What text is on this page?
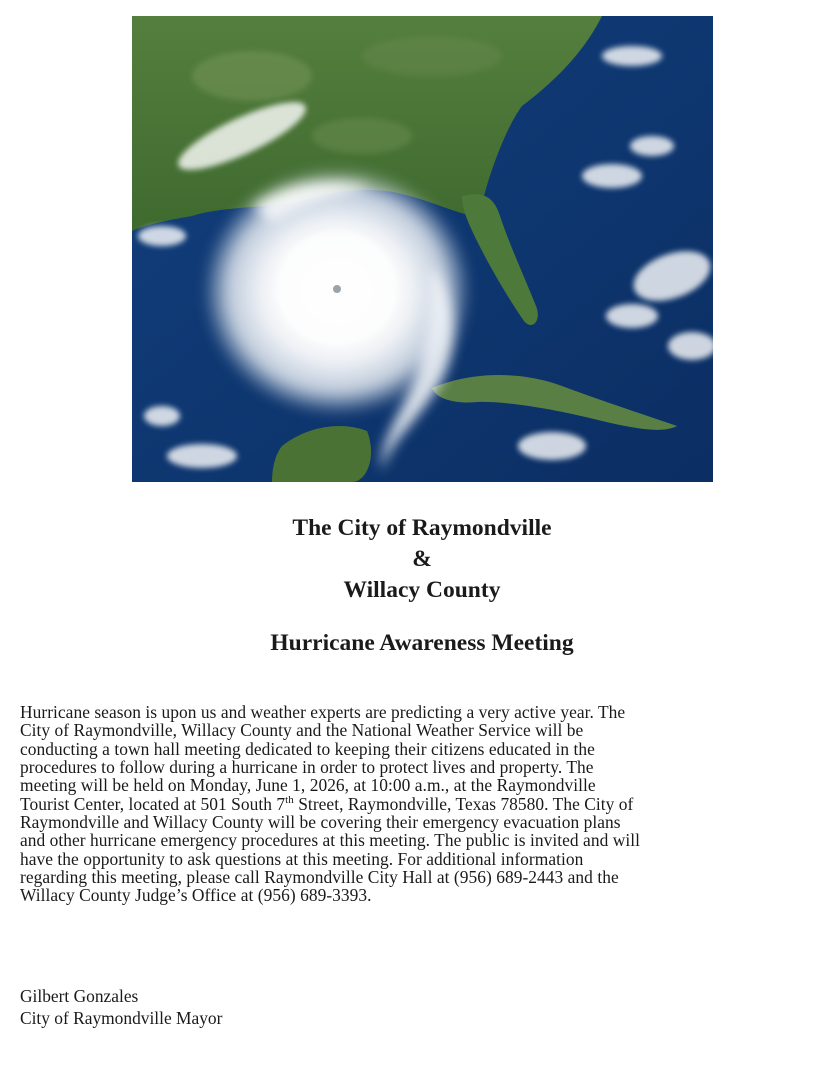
The City of Raymondville
&
Willacy County
Hurricane Awareness Meeting
Hurricane season is upon us and weather experts are predicting a very active year. The
City of Raymondville, Willacy County and the National Weather Service will be
conducting a town hall meeting dedicated to keeping their citizens educated in the
procedures to follow during a hurricane in order to protect lives and property. The
meeting will be held on Monday, June 1, 2026, at 10:00 a.m., at the Raymondville
Tourist Center, located at 501 South 7th Street, Raymondville, Texas 78580. The City of
Raymondville and Willacy County will be covering their emergency evacuation plans
and other hurricane emergency procedures at this meeting. The public is invited and will
have the opportunity to ask questions at this meeting. For additional information
regarding this meeting, please call Raymondville City Hall at (956) 689-2443 and the
Willacy County Judge’s Office at (956) 689-3393.
Gilbert Gonzales
City of Raymondville Mayor
